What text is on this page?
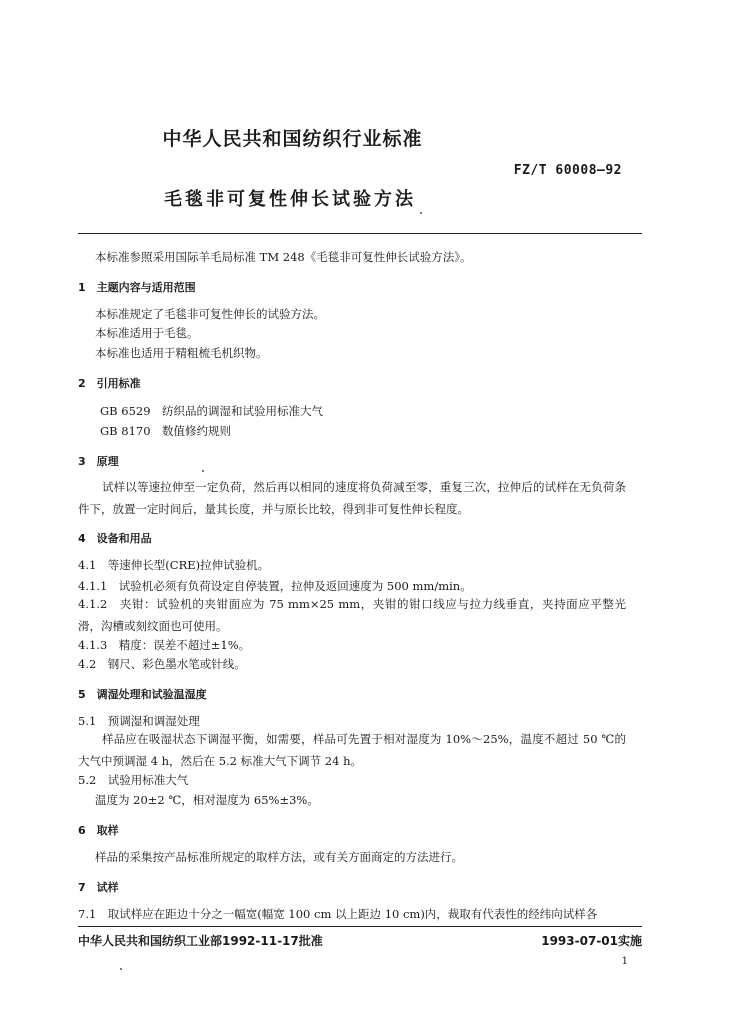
中华人民共和国纺织行业标准
FZ/T 60008—92
毛毯非可复性伸长试验方法
本标准参照采用国际羊毛局标准 TM 248《毛毯非可复性伸长试验方法》。
1　主题内容与适用范围
本标准规定了毛毯非可复性伸长的试验方法。
本标准适用于毛毯。
本标准也适用于精粗梳毛机织物。
2　引用标准
GB 6529　纺织品的调湿和试验用标准大气
GB 8170　数值修约规则
3　原理
试样以等速拉伸至一定负荷，然后再以相同的速度将负荷减至零，重复三次，拉伸后的试样在无负荷条件下，放置一定时间后，量其长度，并与原长比较，得到非可复性伸长程度。
4　设备和用品
4.1　等速伸长型(CRE)拉伸试验机。
4.1.1　试验机必须有负荷设定自停装置，拉伸及返回速度为 500 mm/min。
4.1.2　夹钳：试验机的夹钳面应为 75 mm×25 mm，夹钳的钳口线应与拉力线垂直，夹持面应平整光滑，沟槽或刻纹面也可使用。
4.1.3　精度：误差不超过±1%。
4.2　钢尺、彩色墨水笔或针线。
5　调湿处理和试验温湿度
5.1　预调湿和调湿处理
样品应在吸湿状态下调湿平衡，如需要，样品可先置于相对湿度为 10%～25%，温度不超过 50 ℃的大气中预调湿 4 h，然后在 5.2 标准大气下调节 24 h。
5.2　试验用标准大气
温度为 20±2 ℃，相对湿度为 65%±3%。
6　取样
样品的采集按产品标准所规定的取样方法，或有关方面商定的方法进行。
7　试样
7.1　取试样应在距边十分之一幅宽(幅宽 100 cm 以上距边 10 cm)内，裁取有代表性的经纬向试样各
中华人民共和国纺织工业部1992-11-17批准	1993-07-01实施
1
